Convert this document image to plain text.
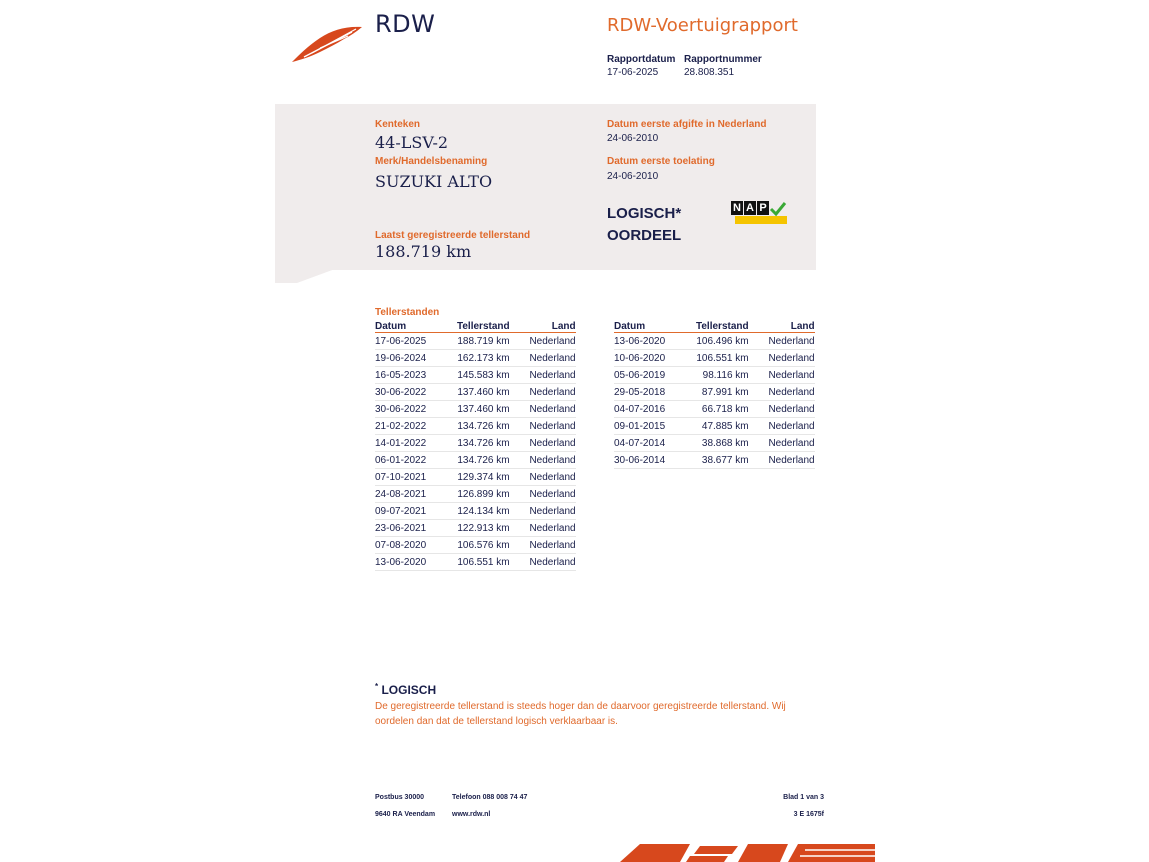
RDW	RDW-Voertuigrapport
Rapportdatum
17-06-2025
Rapportnummer
28.808.351
Kenteken
44-LSV-2
Merk/Handelsbenaming
SUZUKI ALTO
Laatst geregistreerde tellerstand
188.719 km
Datum eerste afgifte in Nederland
24-06-2010
Datum eerste toelating
24-06-2010
LOGISCH*
OORDEEL
N A P
Tellerstanden
Datum	Tellerstand	Land
17-06-2025	188.719 km	Nederland
19-06-2024	162.173 km	Nederland
16-05-2023	145.583 km	Nederland
30-06-2022	137.460 km	Nederland
30-06-2022	137.460 km	Nederland
21-02-2022	134.726 km	Nederland
14-01-2022	134.726 km	Nederland
06-01-2022	134.726 km	Nederland
07-10-2021	129.374 km	Nederland
24-08-2021	126.899 km	Nederland
09-07-2021	124.134 km	Nederland
23-06-2021	122.913 km	Nederland
07-08-2020	106.576 km	Nederland
13-06-2020	106.551 km	Nederland
Datum	Tellerstand	Land
13-06-2020	106.496 km	Nederland
10-06-2020	106.551 km	Nederland
05-06-2019	98.116 km	Nederland
29-05-2018	87.991 km	Nederland
04-07-2016	66.718 km	Nederland
09-01-2015	47.885 km	Nederland
04-07-2014	38.868 km	Nederland
30-06-2014	38.677 km	Nederland
* LOGISCH
De geregistreerde tellerstand is steeds hoger dan de daarvoor geregistreerde tellerstand. Wij oordelen dan dat de tellerstand logisch verklaarbaar is.
Postbus 30000
9640 RA Veendam
Telefoon 088 008 74 47
www.rdw.nl
Blad 1 van 3
3 E 1675f
